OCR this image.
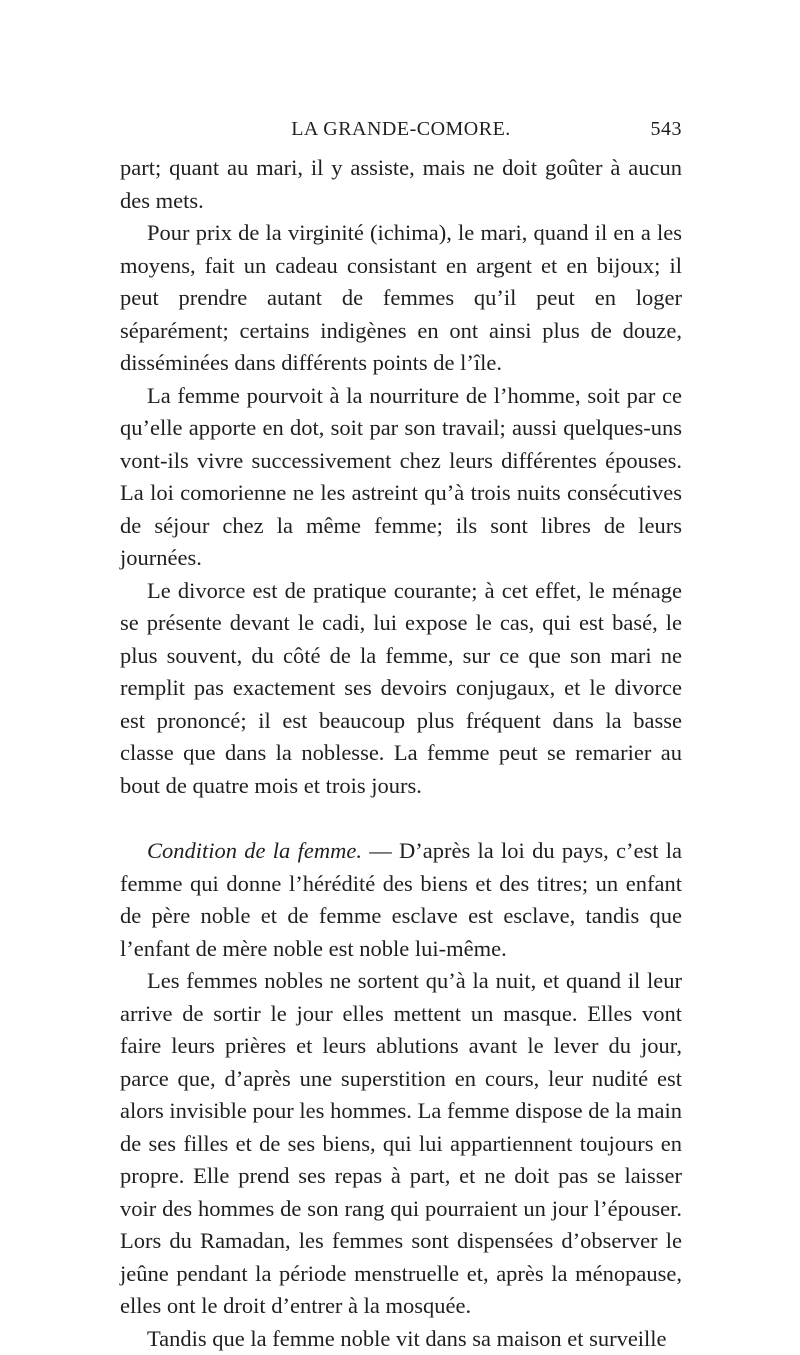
LA GRANDE-COMORE.	543

part; quant au mari, il y assiste, mais ne doit goûter à aucun des mets.

Pour prix de la virginité (ichima), le mari, quand il en a les moyens, fait un cadeau consistant en argent et en bijoux; il peut prendre autant de femmes qu’il peut en loger séparément; certains indigènes en ont ainsi plus de douze, disséminées dans différents points de l’île.

La femme pourvoit à la nourriture de l’homme, soit par ce qu’elle apporte en dot, soit par son travail; aussi quelques-uns vont-ils vivre successivement chez leurs différentes épouses. La loi comorienne ne les astreint qu’à trois nuits consécutives de séjour chez la même femme; ils sont libres de leurs journées.

Le divorce est de pratique courante; à cet effet, le ménage se présente devant le cadi, lui expose le cas, qui est basé, le plus souvent, du côté de la femme, sur ce que son mari ne remplit pas exactement ses devoirs conjugaux, et le divorce est prononcé; il est beaucoup plus fréquent dans la basse classe que dans la noblesse. La femme peut se remarier au bout de quatre mois et trois jours.

Condition de la femme. — D’après la loi du pays, c’est la femme qui donne l’hérédité des biens et des titres; un enfant de père noble et de femme esclave est esclave, tandis que l’enfant de mère noble est noble lui-même.

Les femmes nobles ne sortent qu’à la nuit, et quand il leur arrive de sortir le jour elles mettent un masque. Elles vont faire leurs prières et leurs ablutions avant le lever du jour, parce que, d’après une superstition en cours, leur nudité est alors invisible pour les hommes. La femme dispose de la main de ses filles et de ses biens, qui lui appartiennent toujours en propre. Elle prend ses repas à part, et ne doit pas se laisser voir des hommes de son rang qui pourraient un jour l’épouser. Lors du Ramadan, les femmes sont dispensées d’observer le jeûne pendant la période menstruelle et, après la ménopause, elles ont le droit d’entrer à la mosquée.

Tandis que la femme noble vit dans sa maison et surveille
